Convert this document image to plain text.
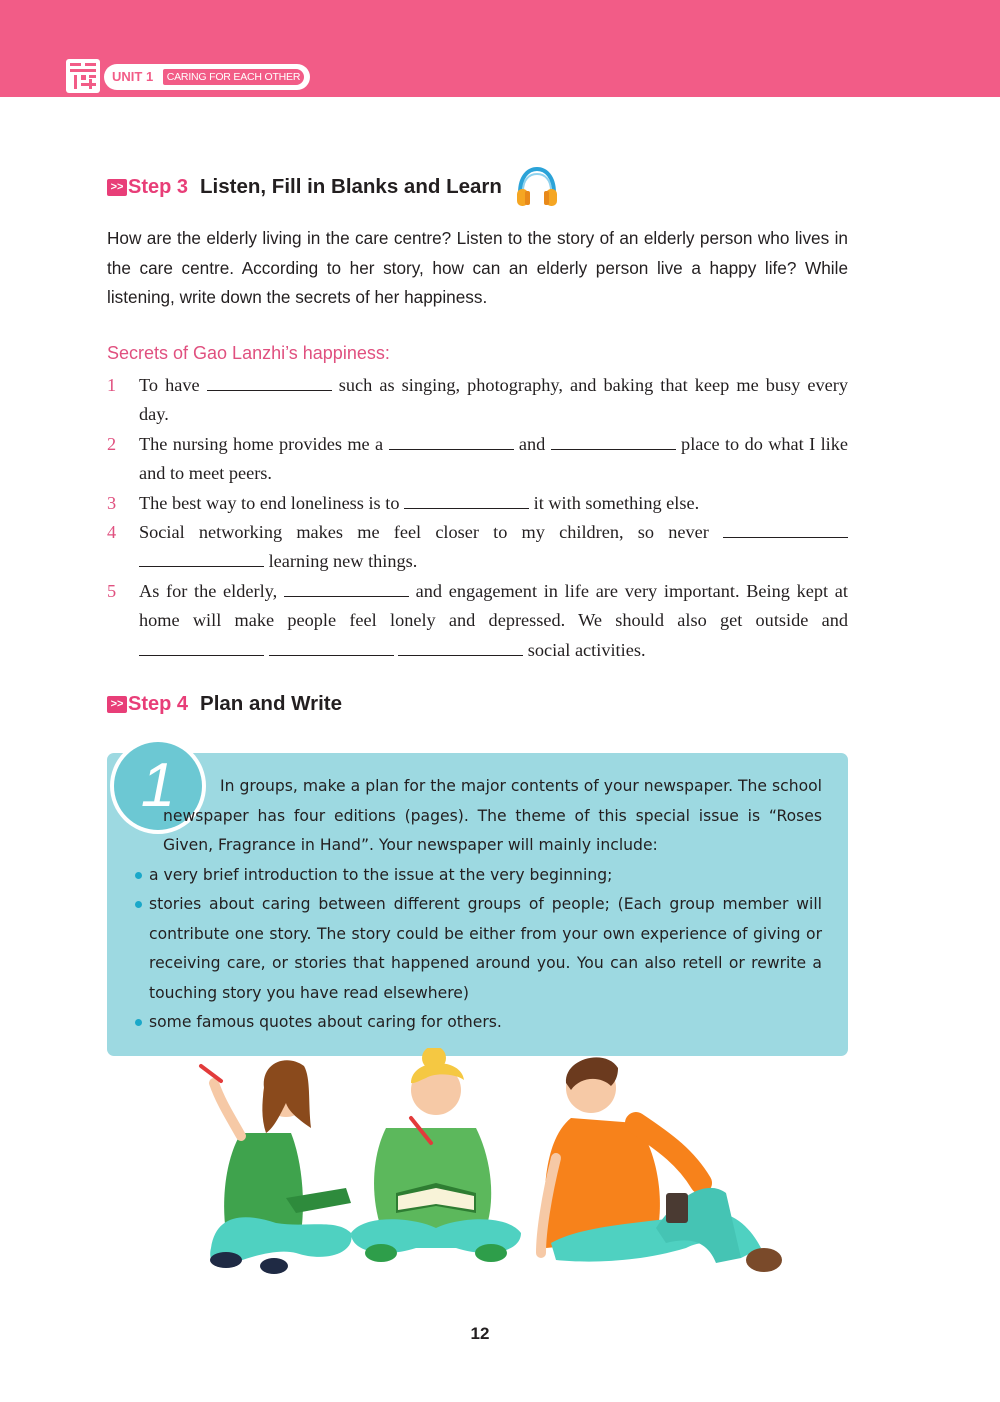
UNIT 1	CARING FOR EACH OTHER
>> Step 3 Listen, Fill in Blanks and Learn
How are the elderly living in the care centre? Listen to the story of an elderly person who lives in the care centre. According to her story, how can an elderly person live a happy life? While listening, write down the secrets of her happiness.
Secrets of Gao Lanzhi’s happiness:
1 To have	such as singing, photography, and baking that keep me busy every day.
2 The nursing home provides me a	and	place to do what I like and to meet peers.
3 The best way to end loneliness is to	it with something else.
4 Social networking makes me feel closer to my children, so never   learning new things.
5 As for the elderly,	and engagement in life are very important. Being kept at home will make people feel lonely and depressed. We should also get outside and    social activities.
>> Step 4 Plan and Write
1	In groups, make a plan for the major contents of your newspaper. The school newspaper has four editions (pages). The theme of this special issue is “Roses Given, Fragrance in Hand”. Your newspaper will mainly include:

a very brief introduction to the issue at the very beginning;
stories about caring between different groups of people; (Each group member will contribute one story. The story could be either from your own experience of giving or receiving care, or stories that happened around you. You can also retell or rewrite a touching story you have read elsewhere)
some famous quotes about caring for others.
12
